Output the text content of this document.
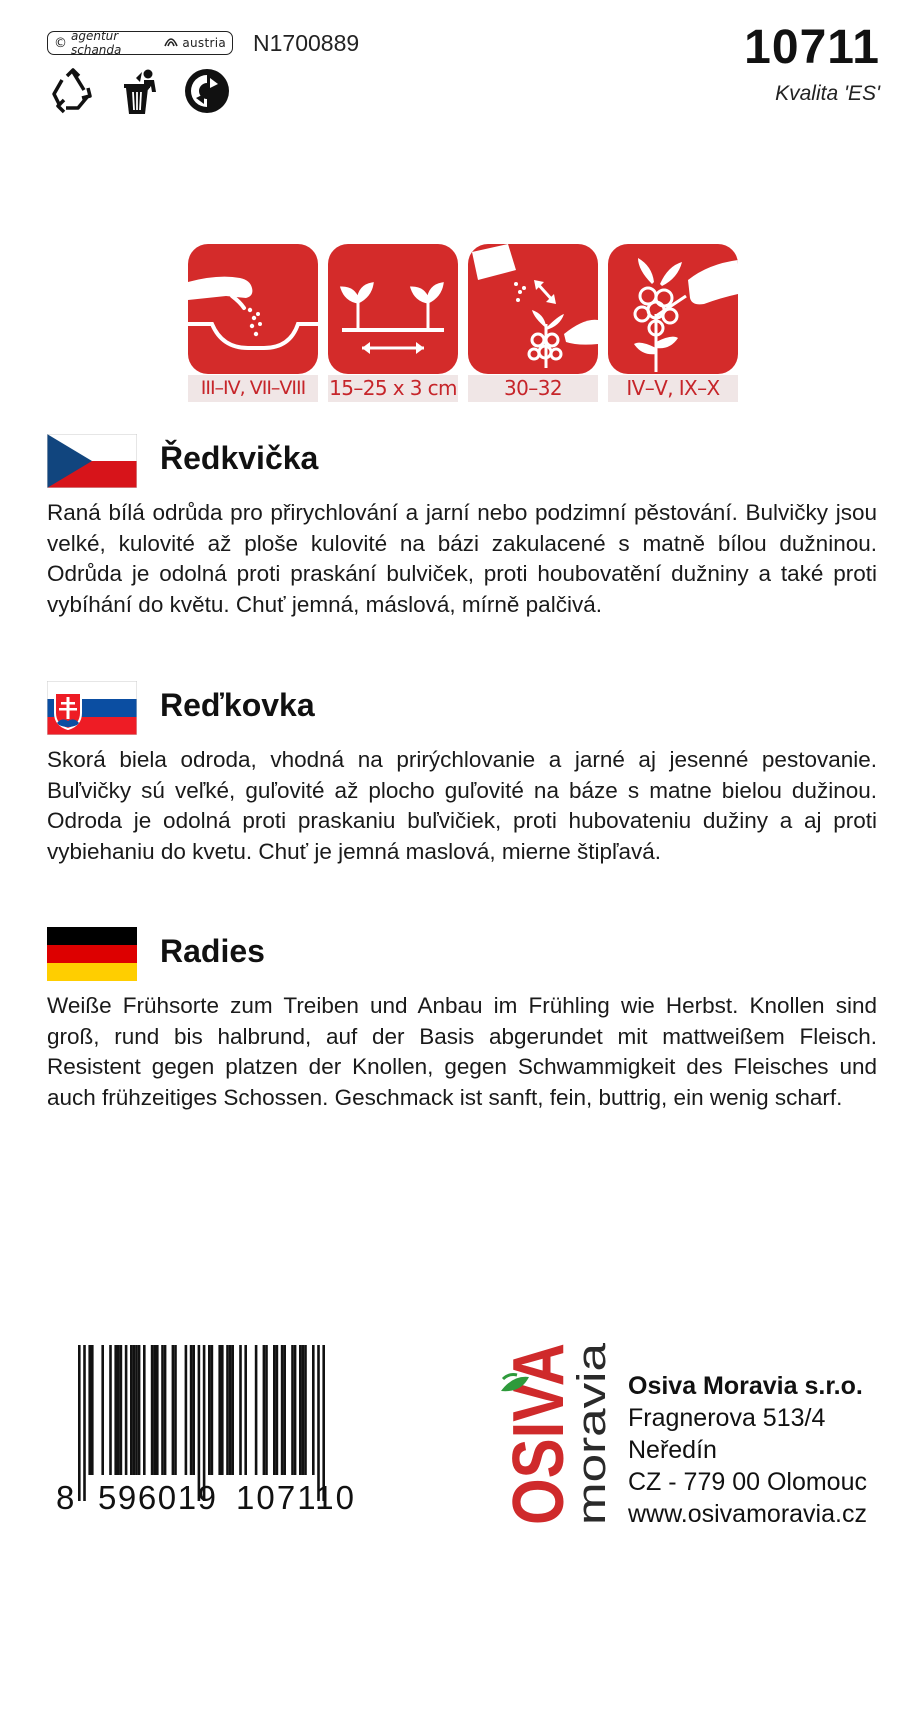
© agentur schanda	austria N1700889	10711
Kvalita 'ES'
III–IV, VII–VIII	15–25 x 3 cm	30–32	IV–V, IX–X
Ředkvička
Raná bílá odrůda pro přirychlování a jarní nebo podzimní pěstování. Bulvičky jsou velké, kulovité až ploše kulovité na bázi zakulacené s matně bílou dužninou. Odrůda je odolná proti praskání bulviček, proti houbovatění dužniny a také proti vybíhání do květu. Chuť jemná, máslová, mírně palčivá.
Reďkovka
Skorá biela odroda, vhodná na prirýchlovanie a jarné aj jesenné pestovanie. Buľvičky sú veľké, guľovité až plocho guľovité na báze s matne bielou dužinou. Odroda je odolná proti praskaniu buľvičiek, proti hubovateniu dužiny a aj proti vybiehaniu do kvetu. Chuť je jemná maslová, mierne štipľavá.
Radies
Weiße Frühsorte zum Treiben und Anbau im Frühling wie Herbst. Knollen sind groß, rund bis halbrund, auf der Basis abgerundet mit mattweißem Fleisch. Resistent gegen platzen der Knollen, gegen Schwammigkeit des Fleisches und auch frühzeitiges Schossen. Geschmack ist sanft, fein, buttrig, ein wenig scharf.
8 596019 107110 OSIVA
moravia Osiva Moravia s.r.o.
Fragnerova 513/4
Neředín
CZ - 779 00 Olomouc
www.osivamoravia.cz
